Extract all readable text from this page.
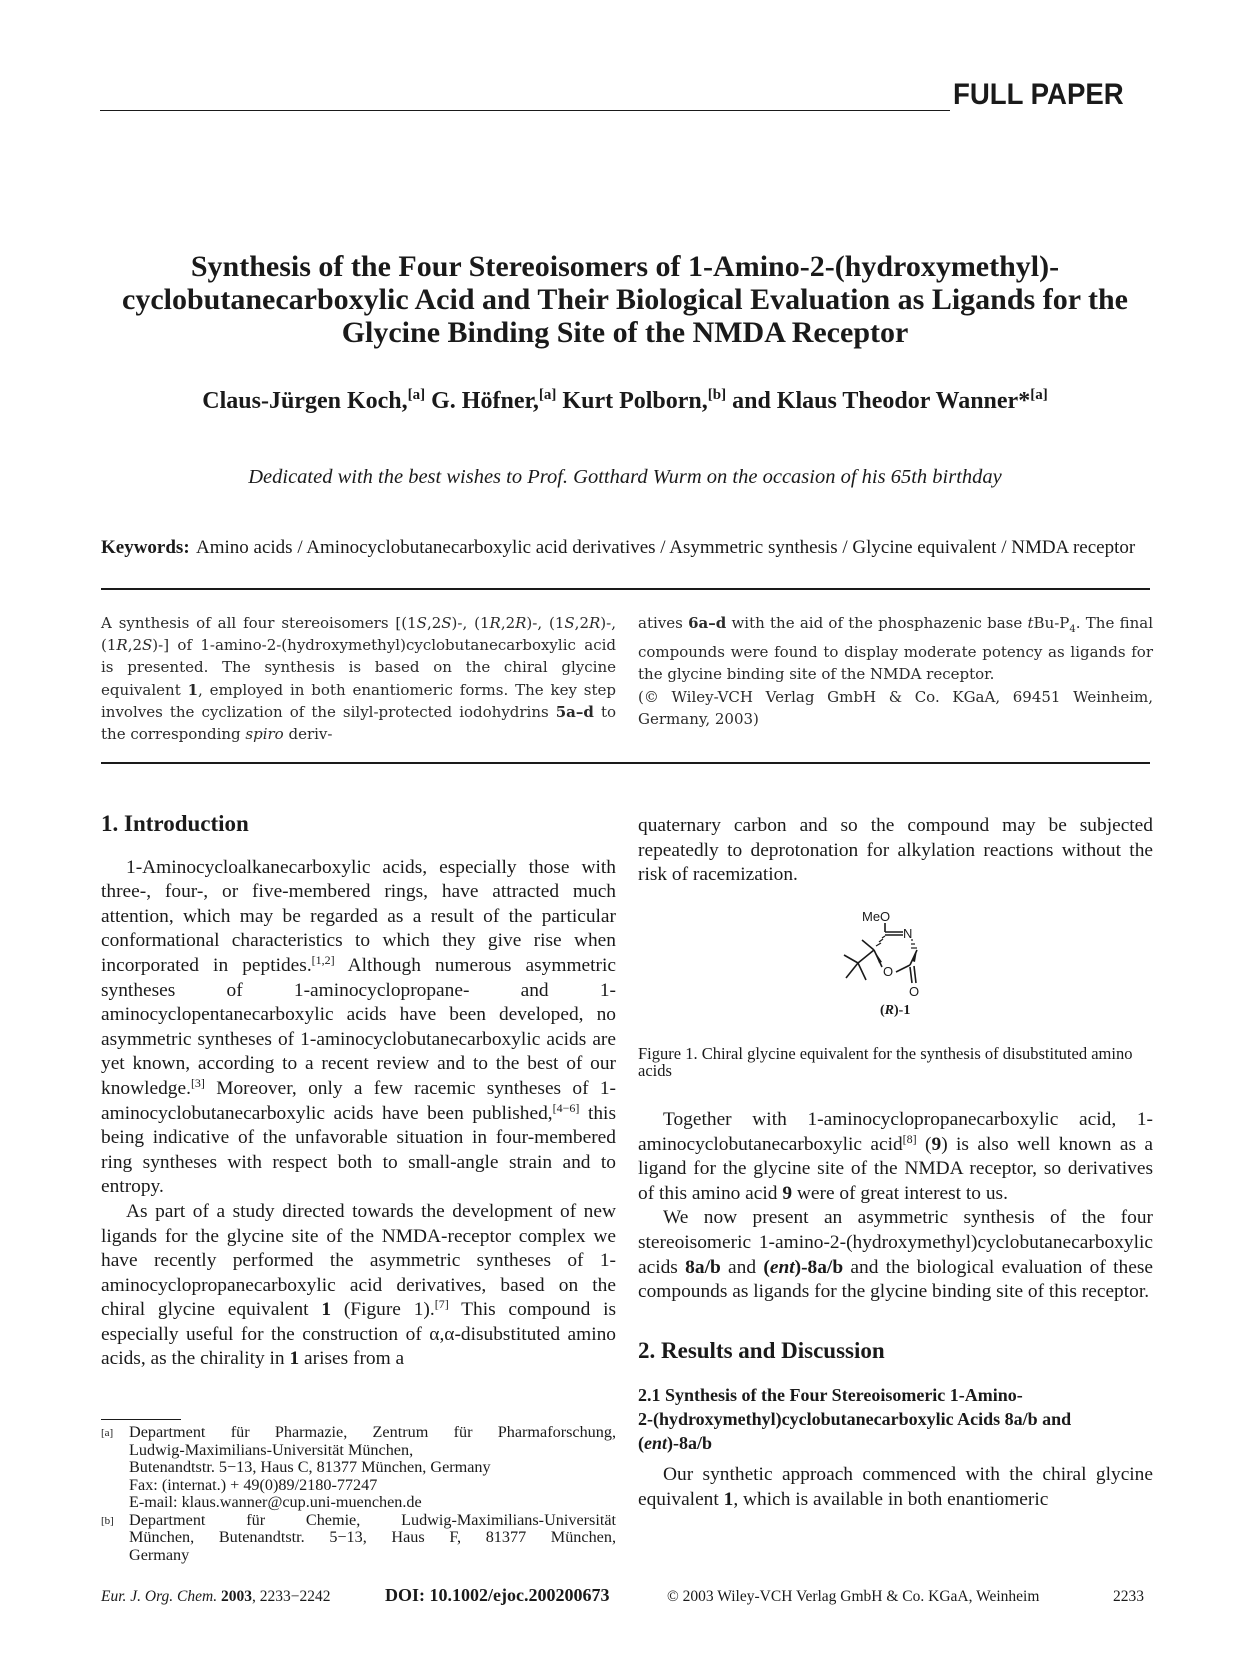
FULL PAPER
Synthesis of the Four Stereoisomers of 1-Amino-2-(hydroxymethyl)-
cyclobutanecarboxylic Acid and Their Biological Evaluation as Ligands for the
Glycine Binding Site of the NMDA Receptor
Claus-Jürgen Koch,[a] G. Höfner,[a] Kurt Polborn,[b] and Klaus Theodor Wanner*[a]
Dedicated with the best wishes to Prof. Gotthard Wurm on the occasion of his 65th birthday
Keywords: Amino acids / Aminocyclobutanecarboxylic acid derivatives / Asymmetric synthesis / Glycine equivalent / NMDA receptor
A synthesis of all four stereoisomers [(1S,2S)-, (1R,2R)-, (1S,2R)-, (1R,2S)-] of 1-amino-2-(hydroxymethyl)cyclobutanecarboxylic acid is presented. The synthesis is based on the chiral glycine equivalent 1, employed in both enantiomeric forms. The key step involves the cyclization of the silyl-protected iodohydrins 5a–d to the corresponding spiro deriv-
atives 6a–d with the aid of the phosphazenic base tBu-$P_4$. The final compounds were found to display moderate potency as ligands for the glycine binding site of the NMDA receptor.
(© Wiley-VCH Verlag GmbH & Co. KGaA, 69451 Weinheim, Germany, 2003)
1. Introduction

1-Aminocycloalkanecarboxylic acids, especially those with three-, four-, or five-membered rings, have attracted much attention, which may be regarded as a result of the particular conformational characteristics to which they give rise when incorporated in peptides.[1,2] Although numerous asymmetric syntheses of 1-aminocyclopropane- and 1-aminocyclopentanecarboxylic acids have been developed, no asymmetric syntheses of 1-aminocyclobutanecarboxylic acids are yet known, according to a recent review and to the best of our knowledge.[3] Moreover, only a few racemic syntheses of 1-aminocyclobutanecarboxylic acids have been published,[4−6] this being indicative of the unfavorable situation in four-membered ring syntheses with respect both to small-angle strain and to entropy.

As part of a study directed towards the development of new ligands for the glycine site of the NMDA-receptor complex we have recently performed the asymmetric syntheses of 1-aminocyclopropanecarboxylic acid derivatives, based on the chiral glycine equivalent 1 (Figure 1).[7] This compound is especially useful for the construction of α,α-disubstituted amino acids, as the chirality in 1 arises from a

[a] Department für Pharmazie, Zentrum für Pharmaforschung,
Ludwig-Maximilians-Universität München,
Butenandtstr. 5−13, Haus C, 81377 München, Germany
Fax: (internat.) + 49(0)89/2180-77247
E-mail: klaus.wanner@cup.uni-muenchen.de
[b] Department für Chemie, Ludwig-Maximilians-Universität
München, Butenandtstr. 5−13, Haus F, 81377 München,
Germany

quaternary carbon and so the compound may be subjected repeatedly to deprotonation for alkylation reactions without the risk of racemization.

MeO
N
O
O
(R)-1
Figure 1. Chiral glycine equivalent for the synthesis of disubstituted amino acids

Together with 1-aminocyclopropanecarboxylic acid, 1-aminocyclobutanecarboxylic acid[8] (9) is also well known as a ligand for the glycine site of the NMDA receptor, so derivatives of this amino acid 9 were of great interest to us.

We now present an asymmetric synthesis of the four stereoisomeric 1-amino-2-(hydroxymethyl)cyclobutanecarboxylic acids 8a/b and (ent)-8a/b and the biological evaluation of these compounds as ligands for the glycine binding site of this receptor.

2. Results and Discussion
2.1 Synthesis of the Four Stereoisomeric 1-Amino-
2-(hydroxymethyl)cyclobutanecarboxylic Acids 8a/b and
(ent)-8a/b

Our synthetic approach commenced with the chiral glycine equivalent 1, which is available in both enantiomeric

Eur. J. Org. Chem. 2003, 2233−2242	DOI: 10.1002/ejoc.200200673	© 2003 Wiley-VCH Verlag GmbH & Co. KGaA, Weinheim	2233
